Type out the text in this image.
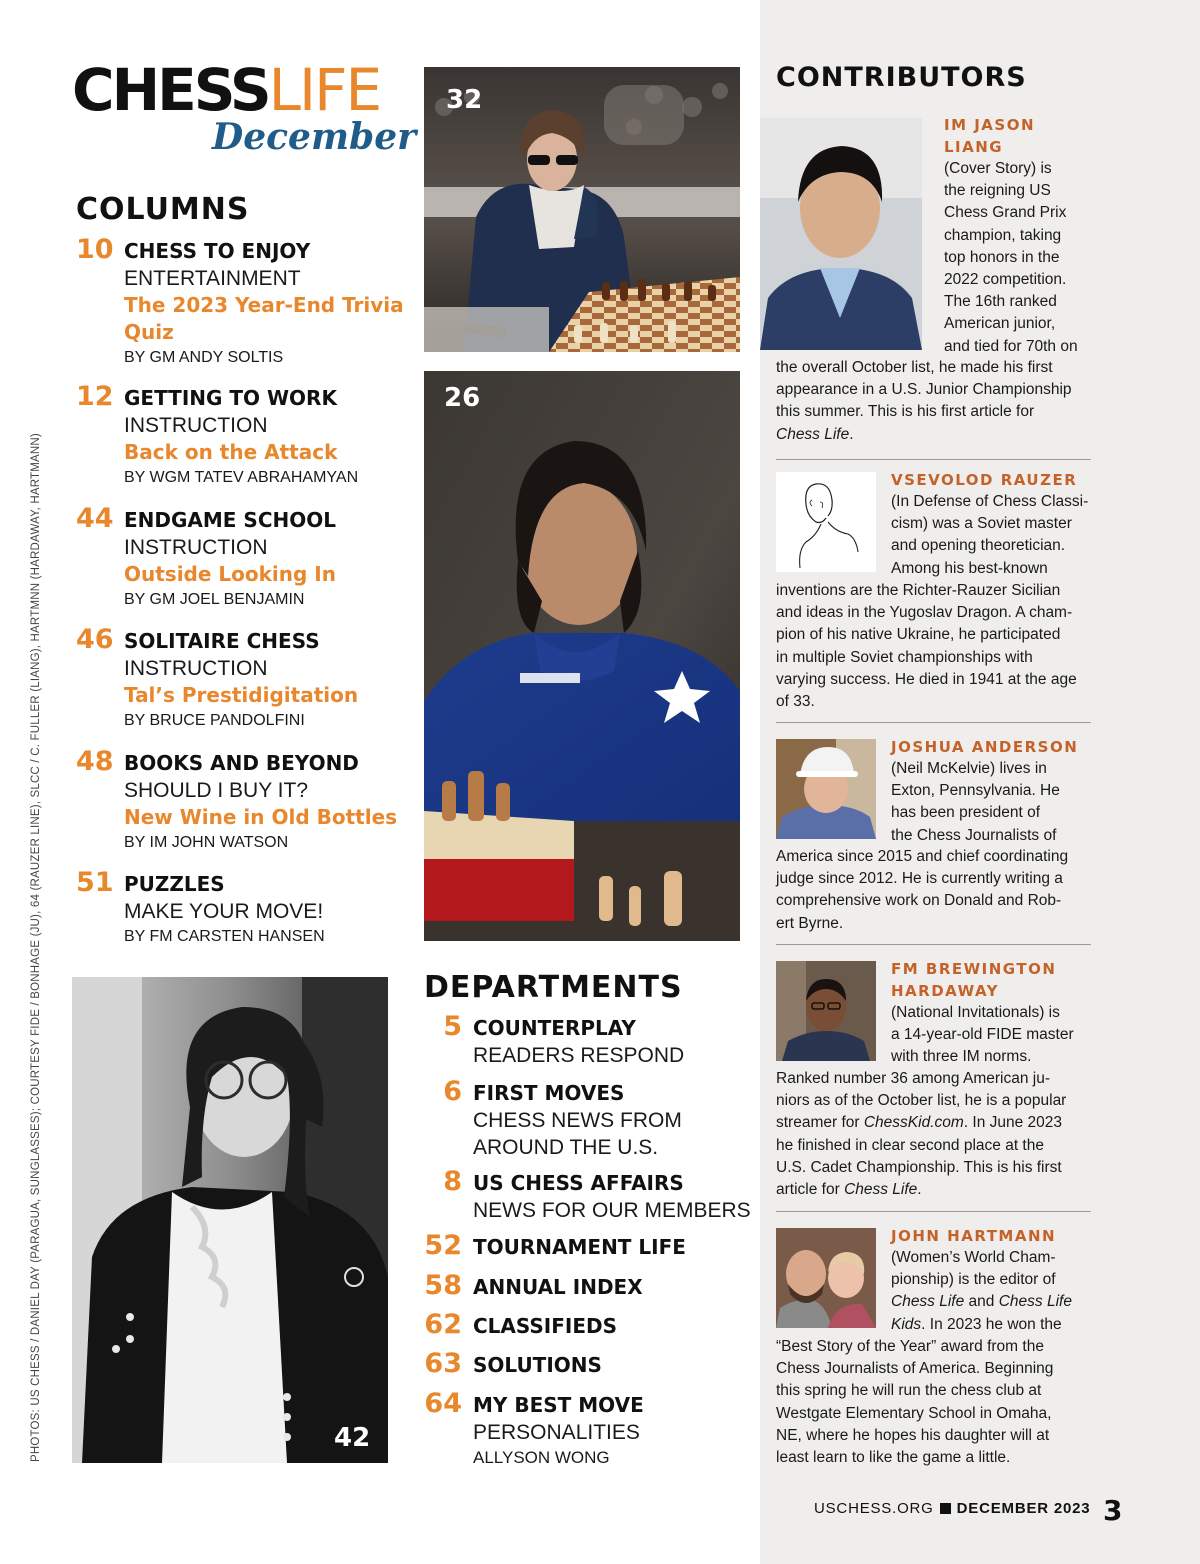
CHESSLIFE
December
COLUMNS
10 CHESS TO ENJOY
ENTERTAINMENT
The 2023 Year-End Trivia Quiz
BY GM ANDY SOLTIS
12 GETTING TO WORK
INSTRUCTION
Back on the Attack
BY WGM TATEV ABRAHAMYAN
44 ENDGAME SCHOOL
INSTRUCTION
Outside Looking In
BY GM JOEL BENJAMIN
46 SOLITAIRE CHESS
INSTRUCTION
Tal’s Prestidigitation
BY BRUCE PANDOLFINI
48 BOOKS AND BEYOND
SHOULD I BUY IT?
New Wine in Old Bottles
BY IM JOHN WATSON
51 PUZZLES
MAKE YOUR MOVE!
BY FM CARSTEN HANSEN
32
26
DEPARTMENTS
5 COUNTERPLAY
READERS RESPOND
6 FIRST MOVES
CHESS NEWS FROM
AROUND THE U.S.
8 US CHESS AFFAIRS
NEWS FOR OUR MEMBERS
52 TOURNAMENT LIFE
58 ANNUAL INDEX
62 CLASSIFIEDS
63 SOLUTIONS
64 MY BEST MOVE
PERSONALITIES
ALLYSON WONG
42
CONTRIBUTORS
IM JASON
LIANG
(Cover Story) is
the reigning US
Chess Grand Prix
champion, taking
top honors in the
2022 competition.
The 16th ranked
American junior,
and tied for 70th on
the overall October list, he made his first
appearance in a U.S. Junior Championship
this summer. This is his first article for
Chess Life.
VSEVOLOD RAUZER
(In Defense of Chess Classi-
cism) was a Soviet master
and opening theoretician.
Among his best-known
inventions are the Richter-Rauzer Sicilian
and ideas in the Yugoslav Dragon. A cham-
pion of his native Ukraine, he participated
in multiple Soviet championships with
varying success. He died in 1941 at the age
of 33.
JOSHUA ANDERSON
(Neil McKelvie) lives in
Exton, Pennsylvania. He
has been president of
the Chess Journalists of
America since 2015 and chief coordinating
judge since 2012. He is currently writing a
comprehensive work on Donald and Rob-
ert Byrne.
FM BREWINGTON
HARDAWAY
(National Invitationals) is
a 14-year-old FIDE master
with three IM norms.
Ranked number 36 among American ju-
niors as of the October list, he is a popular
streamer for ChessKid.com. In June 2023
he finished in clear second place at the
U.S. Cadet Championship. This is his first
article for Chess Life.
JOHN HARTMANN
(Women’s World Cham-
pionship) is the editor of
Chess Life and Chess Life
Kids. In 2023 he won the
“Best Story of the Year” award from the
Chess Journalists of America. Beginning
this spring he will run the chess club at
Westgate Elementary School in Omaha,
NE, where he hopes his daughter will at
least learn to like the game a little.
PHOTOS: US CHESS / DANIEL DAY (PARAGUA, SUNGLASSES); COURTESY FIDE / BONHAGE (JU), 64 (RAUZER LINE), SLCC / C. FULLER (LIANG), HARTMNN (HARDAWAY, HARTMANN)
USCHESS.ORG DECEMBER 2023 3
